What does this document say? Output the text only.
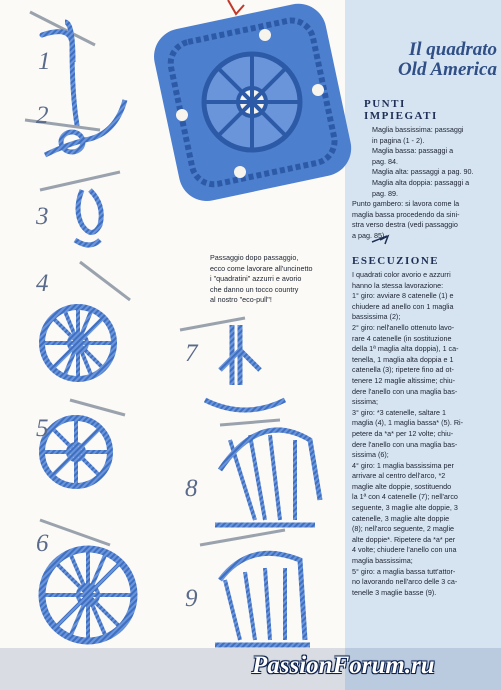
1
2
3
4
5
6
7
8
9
Passaggio dopo passaggio,
ecco come lavorare all'uncinetto
i "quadratini" azzurri e avorio
che danno un tocco country
al nostro "eco-pull"!
Il quadrato
Old America
PUNTI
IMPIEGATI
Maglia bassissima: passaggi
in pagina (1 - 2).
Maglia bassa: passaggi a
pag. 84.
Maglia alta: passaggi a pag. 90.
Maglia alta doppia: passaggi a
pag. 89.
Punto gambero: si lavora come la
maglia bassa procedendo da sini-
stra verso destra (vedi passaggio
a pag. 85).
ESECUZIONE
I quadrati color avorio e azzurri
hanno la stessa lavorazione:
1° giro: avviare 8 catenelle (1) e
chiudere ad anello con 1 maglia
bassissima (2);
2° giro: nell'anello ottenuto lavo-
rare 4 catenelle (in sostituzione
della 1ª maglia alta doppia), 1 ca-
tenella, 1 maglia alta doppia e 1
catenella (3); ripetere fino ad ot-
tenere 12 maglie altissime; chiu-
dere l'anello con una maglia bas-
sissima;
3° giro: *3 catenelle, saltare 1
maglia (4), 1 maglia bassa* (5). Ri-
petere da *a* per 12 volte; chiu-
dere l'anello con una maglia bas-
sissima (6);
4° giro: 1 maglia bassissima per
arrivare al centro dell'arco, *2
maglie alte doppie, sostituendo
la 1ª con 4 catenelle (7); nell'arco
seguente, 3 maglie alte doppie, 3
catenelle, 3 maglie alte doppie
(8); nell'arco seguente, 2 maglie
alte doppie*. Ripetere da *a* per
4 volte; chiudere l'anello con una
maglia bassissima;
5° giro: a maglia bassa tutt'attor-
no lavorando nell'arco delle 3 ca-
tenelle 3 maglie basse (9).
PassionForum.ru
